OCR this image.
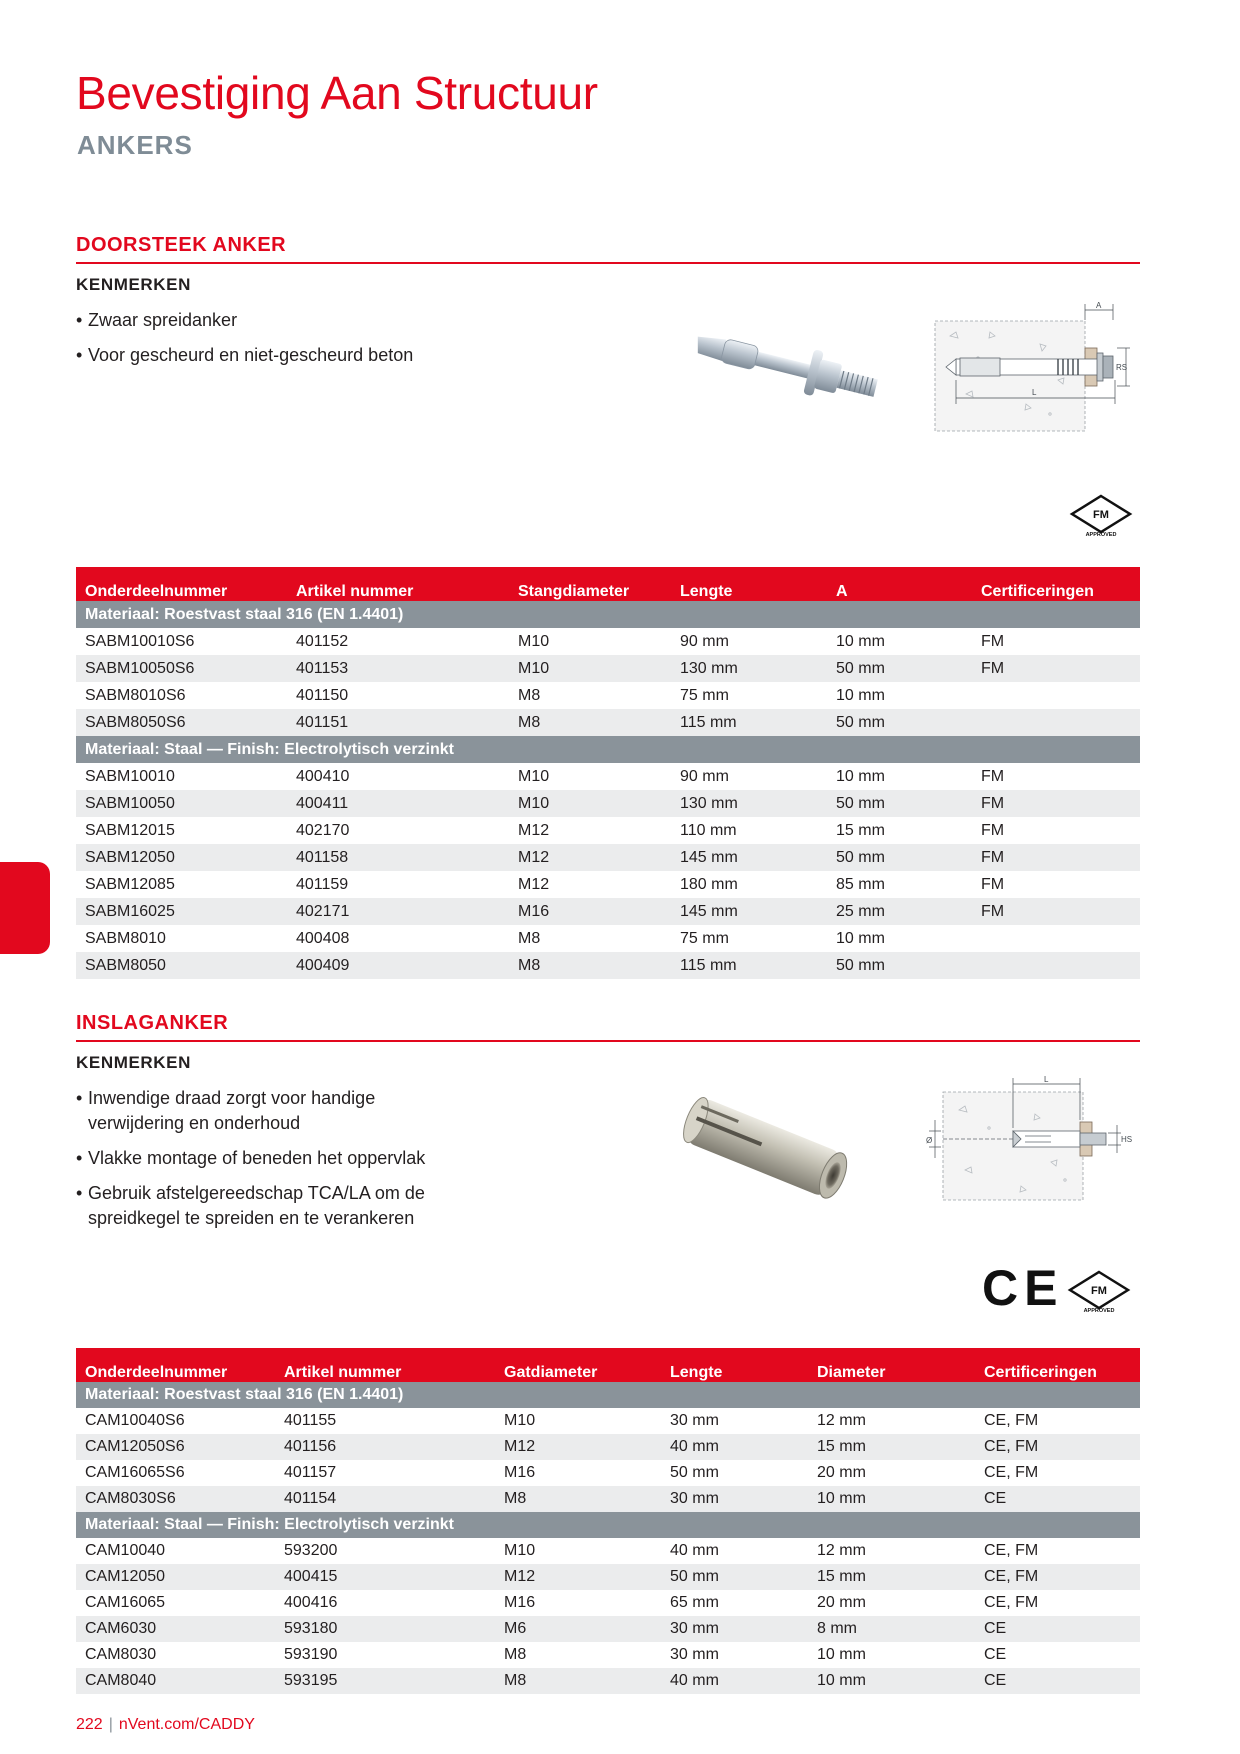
Bevestiging Aan Structuur
ANKERS
DOORSTEEK ANKER
KENMERKEN
• Zwaar spreidanker
• Voor gescheurd en niet-gescheurd beton
A
RS
L
FM
APPROVED
Onderdeelnummer	Artikel nummer	Stangdiameter	Lengte	A	Certificeringen
Materiaal: Roestvast staal 316 (EN 1.4401)					
SABM10010S6	401152	M10	90 mm	10 mm	FM
SABM10050S6	401153	M10	130 mm	50 mm	FM
SABM8010S6	401150	M8	75 mm	10 mm	
SABM8050S6	401151	M8	115 mm	50 mm	
Materiaal: Staal — Finish: Electrolytisch verzinkt					
SABM10010	400410	M10	90 mm	10 mm	FM
SABM10050	400411	M10	130 mm	50 mm	FM
SABM12015	402170	M12	110 mm	15 mm	FM
SABM12050	401158	M12	145 mm	50 mm	FM
SABM12085	401159	M12	180 mm	85 mm	FM
SABM16025	402171	M16	145 mm	25 mm	FM
SABM8010	400408	M8	75 mm	10 mm	
SABM8050	400409	M8	115 mm	50 mm	
INSLAGANKER
KENMERKEN
• Inwendige draad zorgt voor handige verwijdering en onderhoud
• Vlakke montage of beneden het oppervlak
• Gebruik afstelgereedschap TCA/LA om de spreidkegel te spreiden en te verankeren
L
Ø	HS
CE	FM
APPROVED
Onderdeelnummer	Artikel nummer	Gatdiameter	Lengte	Diameter	Certificeringen
Materiaal: Roestvast staal 316 (EN 1.4401)					
CAM10040S6	401155	M10	30 mm	12 mm	CE, FM
CAM12050S6	401156	M12	40 mm	15 mm	CE, FM
CAM16065S6	401157	M16	50 mm	20 mm	CE, FM
CAM8030S6	401154	M8	30 mm	10 mm	CE
Materiaal: Staal — Finish: Electrolytisch verzinkt					
CAM10040	593200	M10	40 mm	12 mm	CE, FM
CAM12050	400415	M12	50 mm	15 mm	CE, FM
CAM16065	400416	M16	65 mm	20 mm	CE, FM
CAM6030	593180	M6	30 mm	8 mm	CE
CAM8030	593190	M8	30 mm	10 mm	CE
CAM8040	593195	M8	40 mm	10 mm	CE
222 | nVent.com/CADDY
